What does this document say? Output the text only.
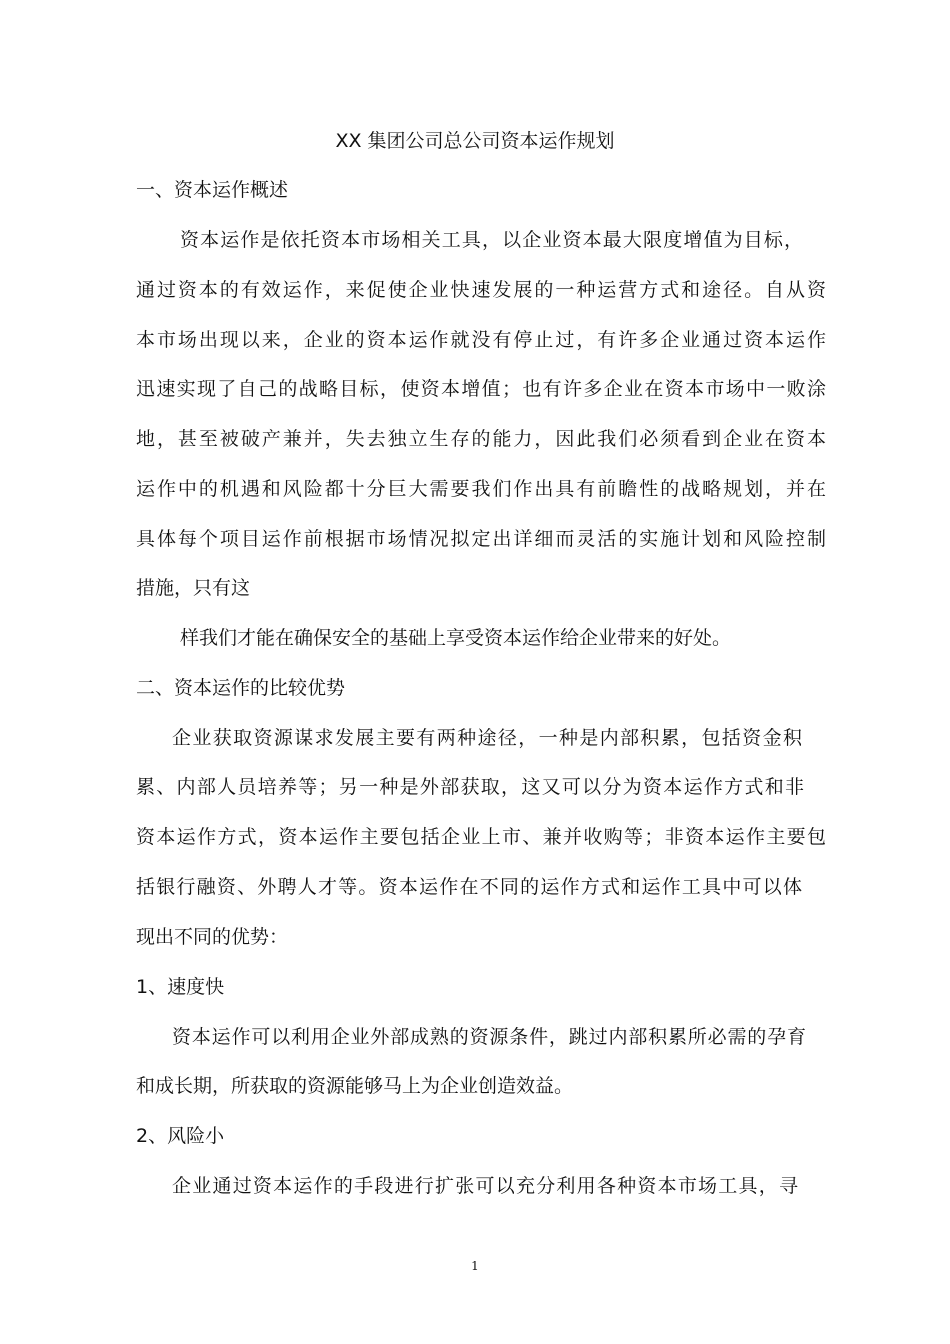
XX 集团公司总公司资本运作规划
一、资本运作概述
资本运作是依托资本市场相关工具，以企业资本最大限度增值为目标，
通过资本的有效运作，来促使企业快速发展的一种运营方式和途径。自从资
本市场出现以来，企业的资本运作就没有停止过，有许多企业通过资本运作
迅速实现了自己的战略目标，使资本增值；也有许多企业在资本市场中一败涂
地，甚至被破产兼并，失去独立生存的能力，因此我们必须看到企业在资本
运作中的机遇和风险都十分巨大需要我们作出具有前瞻性的战略规划，并在
具体每个项目运作前根据市场情况拟定出详细而灵活的实施计划和风险控制
措施，只有这
样我们才能在确保安全的基础上享受资本运作给企业带来的好处。
二、资本运作的比较优势
企业获取资源谋求发展主要有两种途径，一种是内部积累，包括资金积
累、内部人员培养等；另一种是外部获取，这又可以分为资本运作方式和非
资本运作方式，资本运作主要包括企业上市、兼并收购等；非资本运作主要包
括银行融资、外聘人才等。资本运作在不同的运作方式和运作工具中可以体
现出不同的优势：
1、速度快
资本运作可以利用企业外部成熟的资源条件，跳过内部积累所必需的孕育
和成长期，所获取的资源能够马上为企业创造效益。
2、风险小
企业通过资本运作的手段进行扩张可以充分利用各种资本市场工具，寻
1
